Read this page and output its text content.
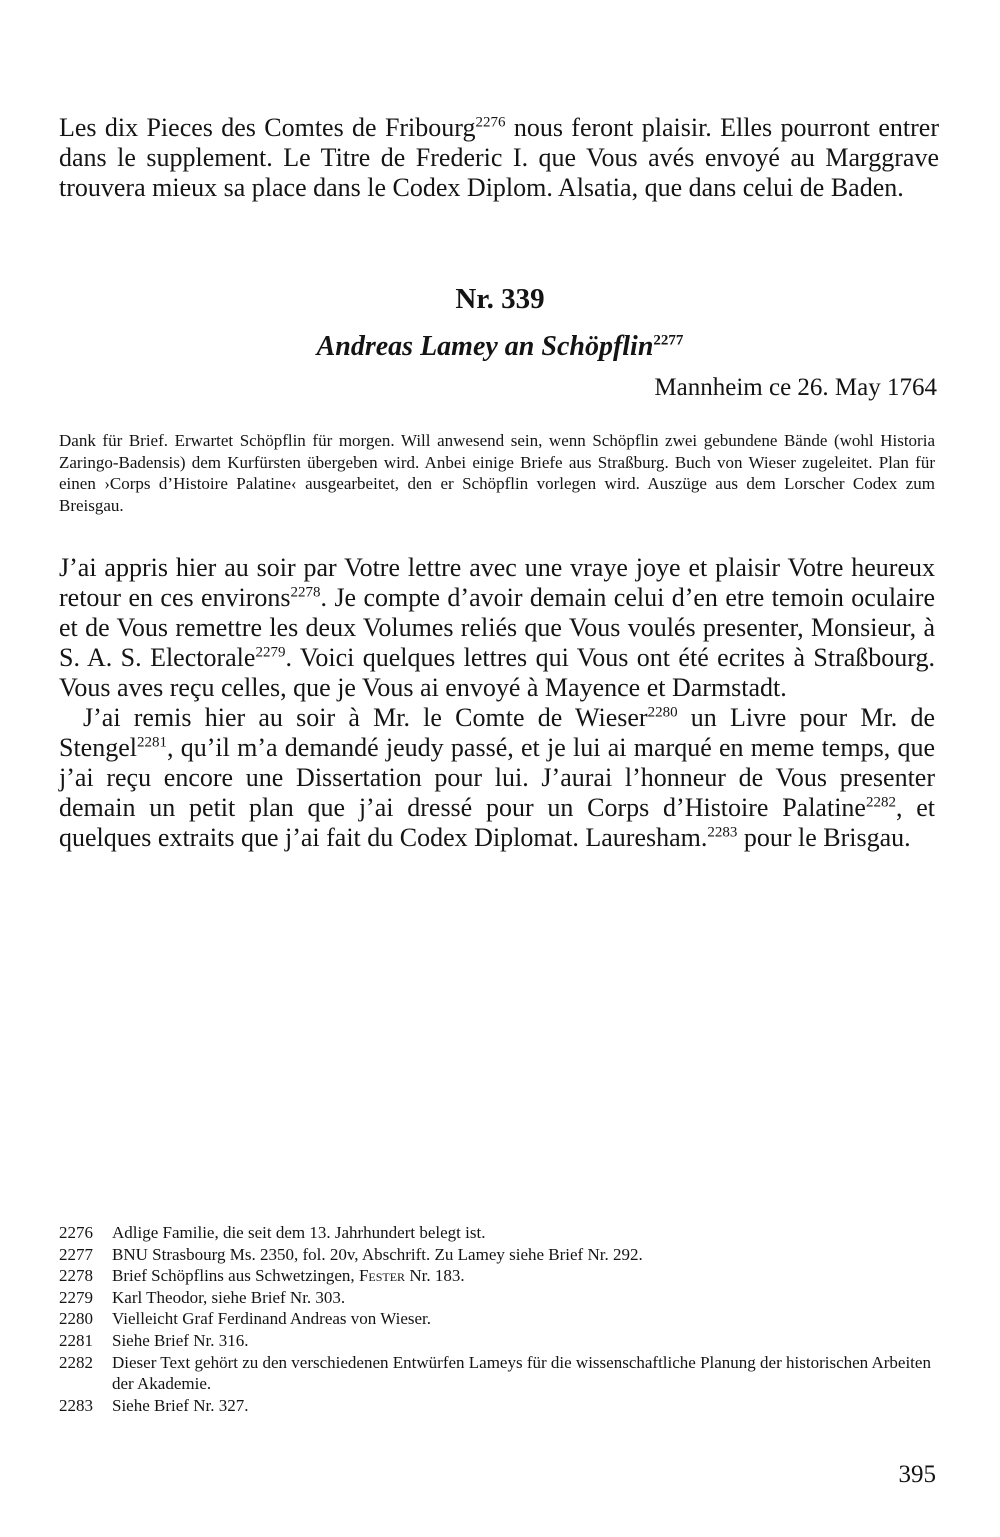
Les dix Pieces des Comtes de Fribourg$^{2276}$ nous feront plaisir. Elles pourront entrer dans le supplement. Le Titre de Frederic I. que Vous avés envoyé au Marggrave trouvera mieux sa place dans le Codex Diplom. Alsatia, que dans celui de Baden.

Nr. 339
Andreas Lamey an Schöpflin$^{2277}$

Mannheim ce 26. May 1764

Dank für Brief. Erwartet Schöpflin für morgen. Will anwesend sein, wenn Schöpflin zwei gebundene Bände (wohl Historia Zaringo-Badensis) dem Kurfürsten übergeben wird. Anbei einige Briefe aus Straßburg. Buch von Wieser zugeleitet. Plan für einen ›Corps d’Histoire Palatine‹ ausgearbeitet, den er Schöpflin vorlegen wird. Auszüge aus dem Lorscher Codex zum Breisgau.

J’ai appris hier au soir par Votre lettre avec une vraye joye et plaisir Votre heureux retour en ces environs$^{2278}$. Je compte d’avoir demain celui d’en etre temoin oculaire et de Vous remettre les deux Volumes reliés que Vous voulés presenter, Monsieur, à S. A. S. Electorale$^{2279}$. Voici quelques lettres qui Vous ont été ecrites à Straßbourg. Vous aves reçu celles, que je Vous ai envoyé à Mayence et Darmstadt.

J’ai remis hier au soir à Mr. le Comte de Wieser$^{2280}$ un Livre pour Mr. de Stengel$^{2281}$, qu’il m’a demandé jeudy passé, et je lui ai marqué en meme temps, que j’ai reçu encore une Dissertation pour lui. J’aurai l’honneur de Vous presenter demain un petit plan que j’ai dressé pour un Corps d’Histoire Palatine$^{2282}$, et quelques extraits que j’ai fait du Codex Diplomat. Lauresham.$^{2283}$ pour le Brisgau.

2276	Adlige Familie, die seit dem 13. Jahrhundert belegt ist.
2277	BNU Strasbourg Ms. 2350, fol. 20v, Abschrift. Zu Lamey siehe Brief Nr. 292.
2278	Brief Schöpflins aus Schwetzingen, Fester Nr. 183.
2279	Karl Theodor, siehe Brief Nr. 303.
2280	Vielleicht Graf Ferdinand Andreas von Wieser.
2281	Siehe Brief Nr. 316.
2282	Dieser Text gehört zu den verschiedenen Entwürfen Lameys für die wissenschaftliche Planung der historischen Arbeiten der Akademie.
2283	Siehe Brief Nr. 327.

395
